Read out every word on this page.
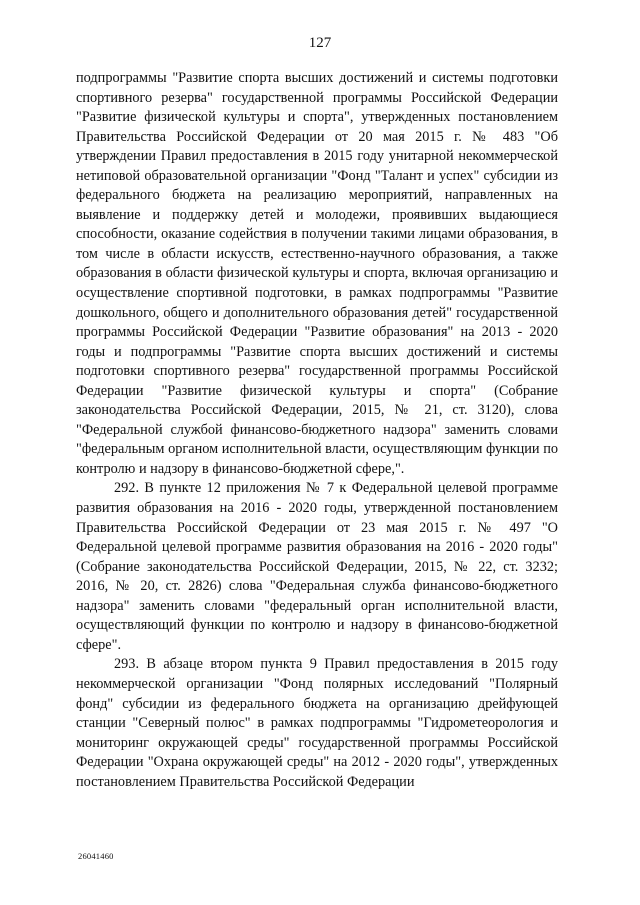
127

подпрограммы "Развитие спорта высших достижений и системы подготовки спортивного резерва" государственной программы Российской Федерации "Развитие физической культуры и спорта", утвержденных постановлением Правительства Российской Федерации от 20 мая 2015 г. № 483 "Об утверждении Правил предоставления в 2015 году унитарной некоммерческой нетиповой образовательной организации "Фонд "Талант и успех" субсидии из федерального бюджета на реализацию мероприятий, направленных на выявление и поддержку детей и молодежи, проявивших выдающиеся способности, оказание содействия в получении такими лицами образования, в том числе в области искусств, естественно-научного образования, а также образования в области физической культуры и спорта, включая организацию и осуществление спортивной подготовки, в рамках подпрограммы "Развитие дошкольного, общего и дополнительного образования детей" государственной программы Российской Федерации "Развитие образования" на 2013 - 2020 годы и подпрограммы "Развитие спорта высших достижений и системы подготовки спортивного резерва" государственной программы Российской Федерации "Развитие физической культуры и спорта" (Собрание законодательства Российской Федерации, 2015, № 21, ст. 3120), слова "Федеральной службой финансово-бюджетного надзора" заменить словами "федеральным органом исполнительной власти, осуществляющим функции по контролю и надзору в финансово-бюджетной сфере,".

292. В пункте 12 приложения № 7 к Федеральной целевой программе развития образования на 2016 - 2020 годы, утвержденной постановлением Правительства Российской Федерации от 23 мая 2015 г. № 497 "О Федеральной целевой программе развития образования на 2016 - 2020 годы" (Собрание законодательства Российской Федерации, 2015, № 22, ст. 3232; 2016, № 20, ст. 2826) слова "Федеральная служба финансово-бюджетного надзора" заменить словами "федеральный орган исполнительной власти, осуществляющий функции по контролю и надзору в финансово-бюджетной сфере".

293. В абзаце втором пункта 9 Правил предоставления в 2015 году некоммерческой организации "Фонд полярных исследований "Полярный фонд" субсидии из федерального бюджета на организацию дрейфующей станции "Северный полюс" в рамках подпрограммы "Гидрометеорология и мониторинг окружающей среды" государственной программы Российской Федерации "Охрана окружающей среды" на 2012 - 2020 годы", утвержденных постановлением Правительства Российской Федерации

26041460
